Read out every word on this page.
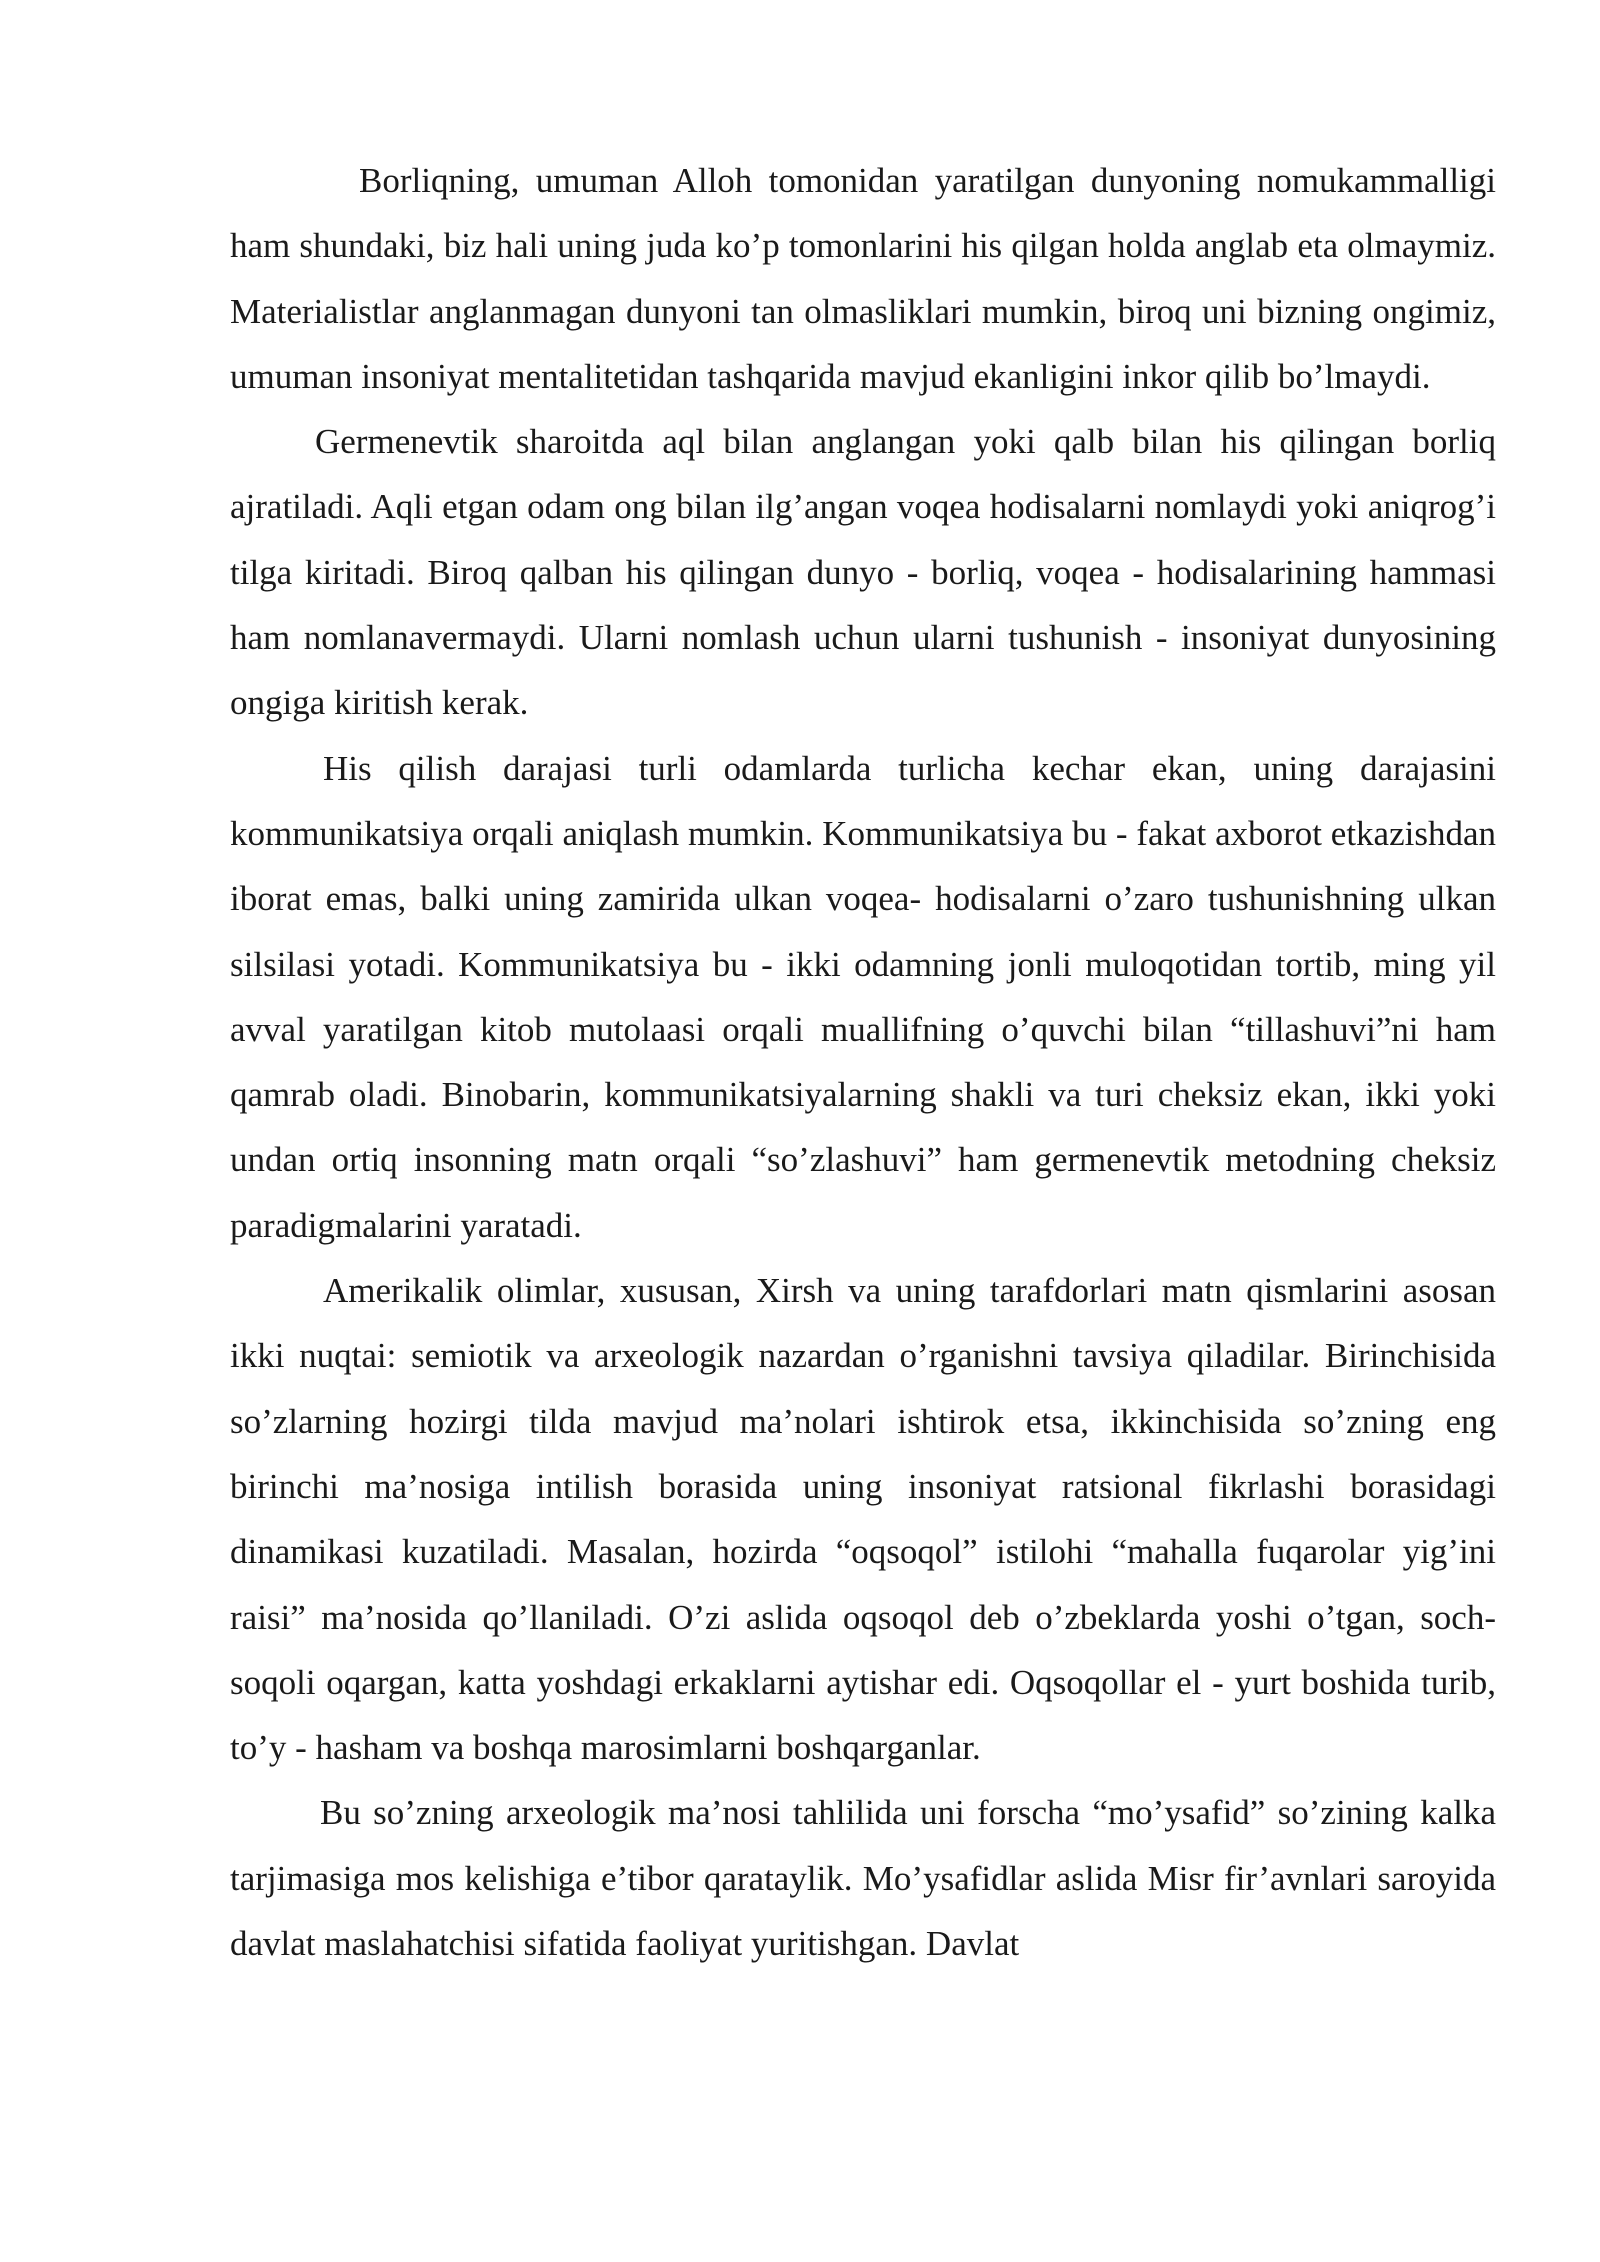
Borliqning, umuman Alloh tomonidan yaratilgan dunyoning nomukammalligi ham shundaki, biz hali uning juda ko’p tomonlarini his qilgan holda anglab eta olmaymiz. Materialistlar anglanmagan dunyoni tan olmasliklari mumkin, biroq uni bizning ongimiz, umuman insoniyat mentalitetidan tashqarida mavjud ekanligini inkor qilib bo’lmaydi.

Germenevtik sharoitda aql bilan anglangan yoki qalb bilan his qilingan borliq ajratiladi. Aqli etgan odam ong bilan ilg’angan voqea hodisalarni nomlaydi yoki aniqrog’i tilga kiritadi. Biroq qalban his qilingan dunyo - borliq, voqea - hodisalarining hammasi ham nomlanavermaydi. Ularni nomlash uchun ularni tushunish - insoniyat dunyosining ongiga kiritish kerak.

His qilish darajasi turli odamlarda turlicha kechar ekan, uning darajasini kommunikatsiya orqali aniqlash mumkin. Kommunikatsiya bu - fakat axborot etkazishdan iborat emas, balki uning zamirida ulkan voqea- hodisalarni o’zaro tushunishning ulkan silsilasi yotadi. Kommunikatsiya bu - ikki odamning jonli muloqotidan tortib, ming yil avval yaratilgan kitob mutolaasi orqali muallifning o’quvchi bilan “tillashuvi”ni ham qamrab oladi. Binobarin, kommunikatsiyalarning shakli va turi cheksiz ekan, ikki yoki undan ortiq insonning matn orqali “so’zlashuvi” ham germenevtik metodning cheksiz paradigmalarini yaratadi.

Amerikalik olimlar, xususan, Xirsh va uning tarafdorlari matn qismlarini asosan ikki nuqtai: semiotik va arxeologik nazardan o’rganishni tavsiya qiladilar. Birinchisida so’zlarning hozirgi tilda mavjud ma’nolari ishtirok etsa, ikkinchisida so’zning eng birinchi ma’nosiga intilish borasida uning insoniyat ratsional fikrlashi borasidagi dinamikasi kuzatiladi. Masalan, hozirda “oqsoqol” istilohi “mahalla fuqarolar yig’ini raisi” ma’nosida qo’llaniladi. O’zi aslida oqsoqol deb o’zbeklarda yoshi o’tgan, soch- soqoli oqargan, katta yoshdagi erkaklarni aytishar edi. Oqsoqollar el - yurt boshida turib, to’y - hasham va boshqa marosimlarni boshqarganlar.

Bu so’zning arxeologik ma’nosi tahlilida uni forscha “mo’ysafid” so’zining kalka tarjimasiga mos kelishiga e’tibor qarataylik. Mo’ysafidlar aslida Misr fir’avnlari saroyida davlat maslahatchisi sifatida faoliyat yuritishgan. Davlat
